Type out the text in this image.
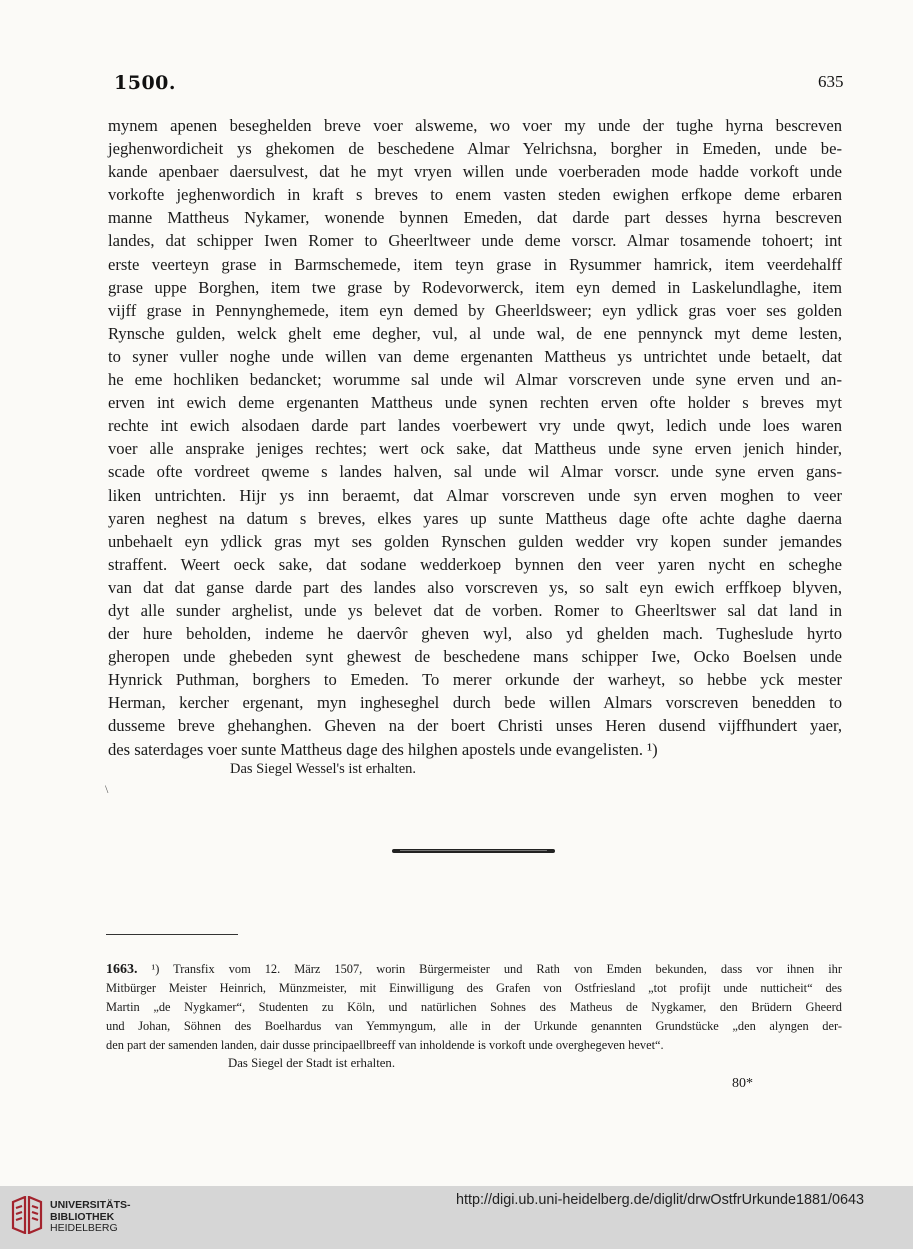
1500.	635
mynem apenen beseghelden breve voer alsweme, wo voer my unde der tughe hyrna bescreven
jeghenwordicheit ys ghekomen de beschedene Almar Yelrichsna, borgher in Emeden, unde be-
kande apenbaer daersulvest, dat he myt vryen willen unde voerberaden mode hadde vorkoft unde
vorkofte jeghenwordich in kraft s breves to enem vasten steden ewighen erfkope deme erbaren
manne Mattheus Nykamer, wonende bynnen Emeden, dat darde part desses hyrna bescreven
landes, dat schipper Iwen Romer to Gheerltweer unde deme vorscr. Almar tosamende tohoert; int
erste veerteyn grase in Barmschemede, item teyn grase in Rysummer hamrick, item veerdehalff
grase uppe Borghen, item twe grase by Rodevorwerck, item eyn demed in Laskelundlaghe, item
vijff grase in Pennynghemede, item eyn demed by Gheerldsweer; eyn ydlick gras voer ses golden
Rynsche gulden, welck ghelt eme degher, vul, al unde wal, de ene pennynck myt deme lesten,
to syner vuller noghe unde willen van deme ergenanten Mattheus ys untrichtet unde betaelt, dat
he eme hochliken bedancket; worumme sal unde wil Almar vorscreven unde syne erven und an-
erven int ewich deme ergenanten Mattheus unde synen rechten erven ofte holder s breves myt
rechte int ewich alsodaen darde part landes voerbewert vry unde qwyt, ledich unde loes waren
voer alle ansprake jeniges rechtes; wert ock sake, dat Mattheus unde syne erven jenich hinder,
scade ofte vordreet qweme s landes halven, sal unde wil Almar vorscr. unde syne erven gans-
liken untrichten. Hijr ys inn beraemt, dat Almar vorscreven unde syn erven moghen to veer
yaren neghest na datum s breves, elkes yares up sunte Mattheus dage ofte achte daghe daerna
unbehaelt eyn ydlick gras myt ses golden Rynschen gulden wedder vry kopen sunder jemandes
straffent. Weert oeck sake, dat sodane wedderkoep bynnen den veer yaren nycht en scheghe
van dat dat ganse darde part des landes also vorscreven ys, so salt eyn ewich erffkoep blyven,
dyt alle sunder arghelist, unde ys belevet dat de vorben. Romer to Gheerltswer sal dat land in
der hure beholden, indeme he daervôr gheven wyl, also yd ghelden mach. Tugheslude hyrto
gheropen unde ghebeden synt ghewest de beschedene mans schipper Iwe, Ocko Boelsen unde
Hynrick Puthman, borghers to Emeden. To merer orkunde der warheyt, so hebbe yck mester
Herman, kercher ergenant, myn ingheseghel durch bede willen Almars vorscreven benedden to
dusseme breve ghehanghen. Gheven na der boert Christi unses Heren dusend vijffhundert yaer,
des saterdages voer sunte Mattheus dage des hilghen apostels unde evangelisten. ¹)
Das Siegel Wessel's ist erhalten.
\
1663. ¹) Transfix vom 12. März 1507, worin Bürgermeister und Rath von Emden bekunden, dass vor ihnen ihr
Mitbürger Meister Heinrich, Münzmeister, mit Einwilligung des Grafen von Ostfriesland „tot profijt unde nutticheit“ des
Martin „de Nygkamer“, Studenten zu Köln, und natürlichen Sohnes des Matheus de Nygkamer, den Brüdern Gheerd
und Johan, Söhnen des Boelhardus van Yemmyngum, alle in der Urkunde genannten Grundstücke „den alyngen der-
den part der samenden landen, dair dusse principaellbreeff van inholdende is vorkoft unde overghegeven hevet“.
Das Siegel der Stadt ist erhalten.
80*
UNIVERSITÄTS-
BIBLIOTHEK
HEIDELBERG
http://digi.ub.uni-heidelberg.de/diglit/drwOstfrUrkunde1881/0643
